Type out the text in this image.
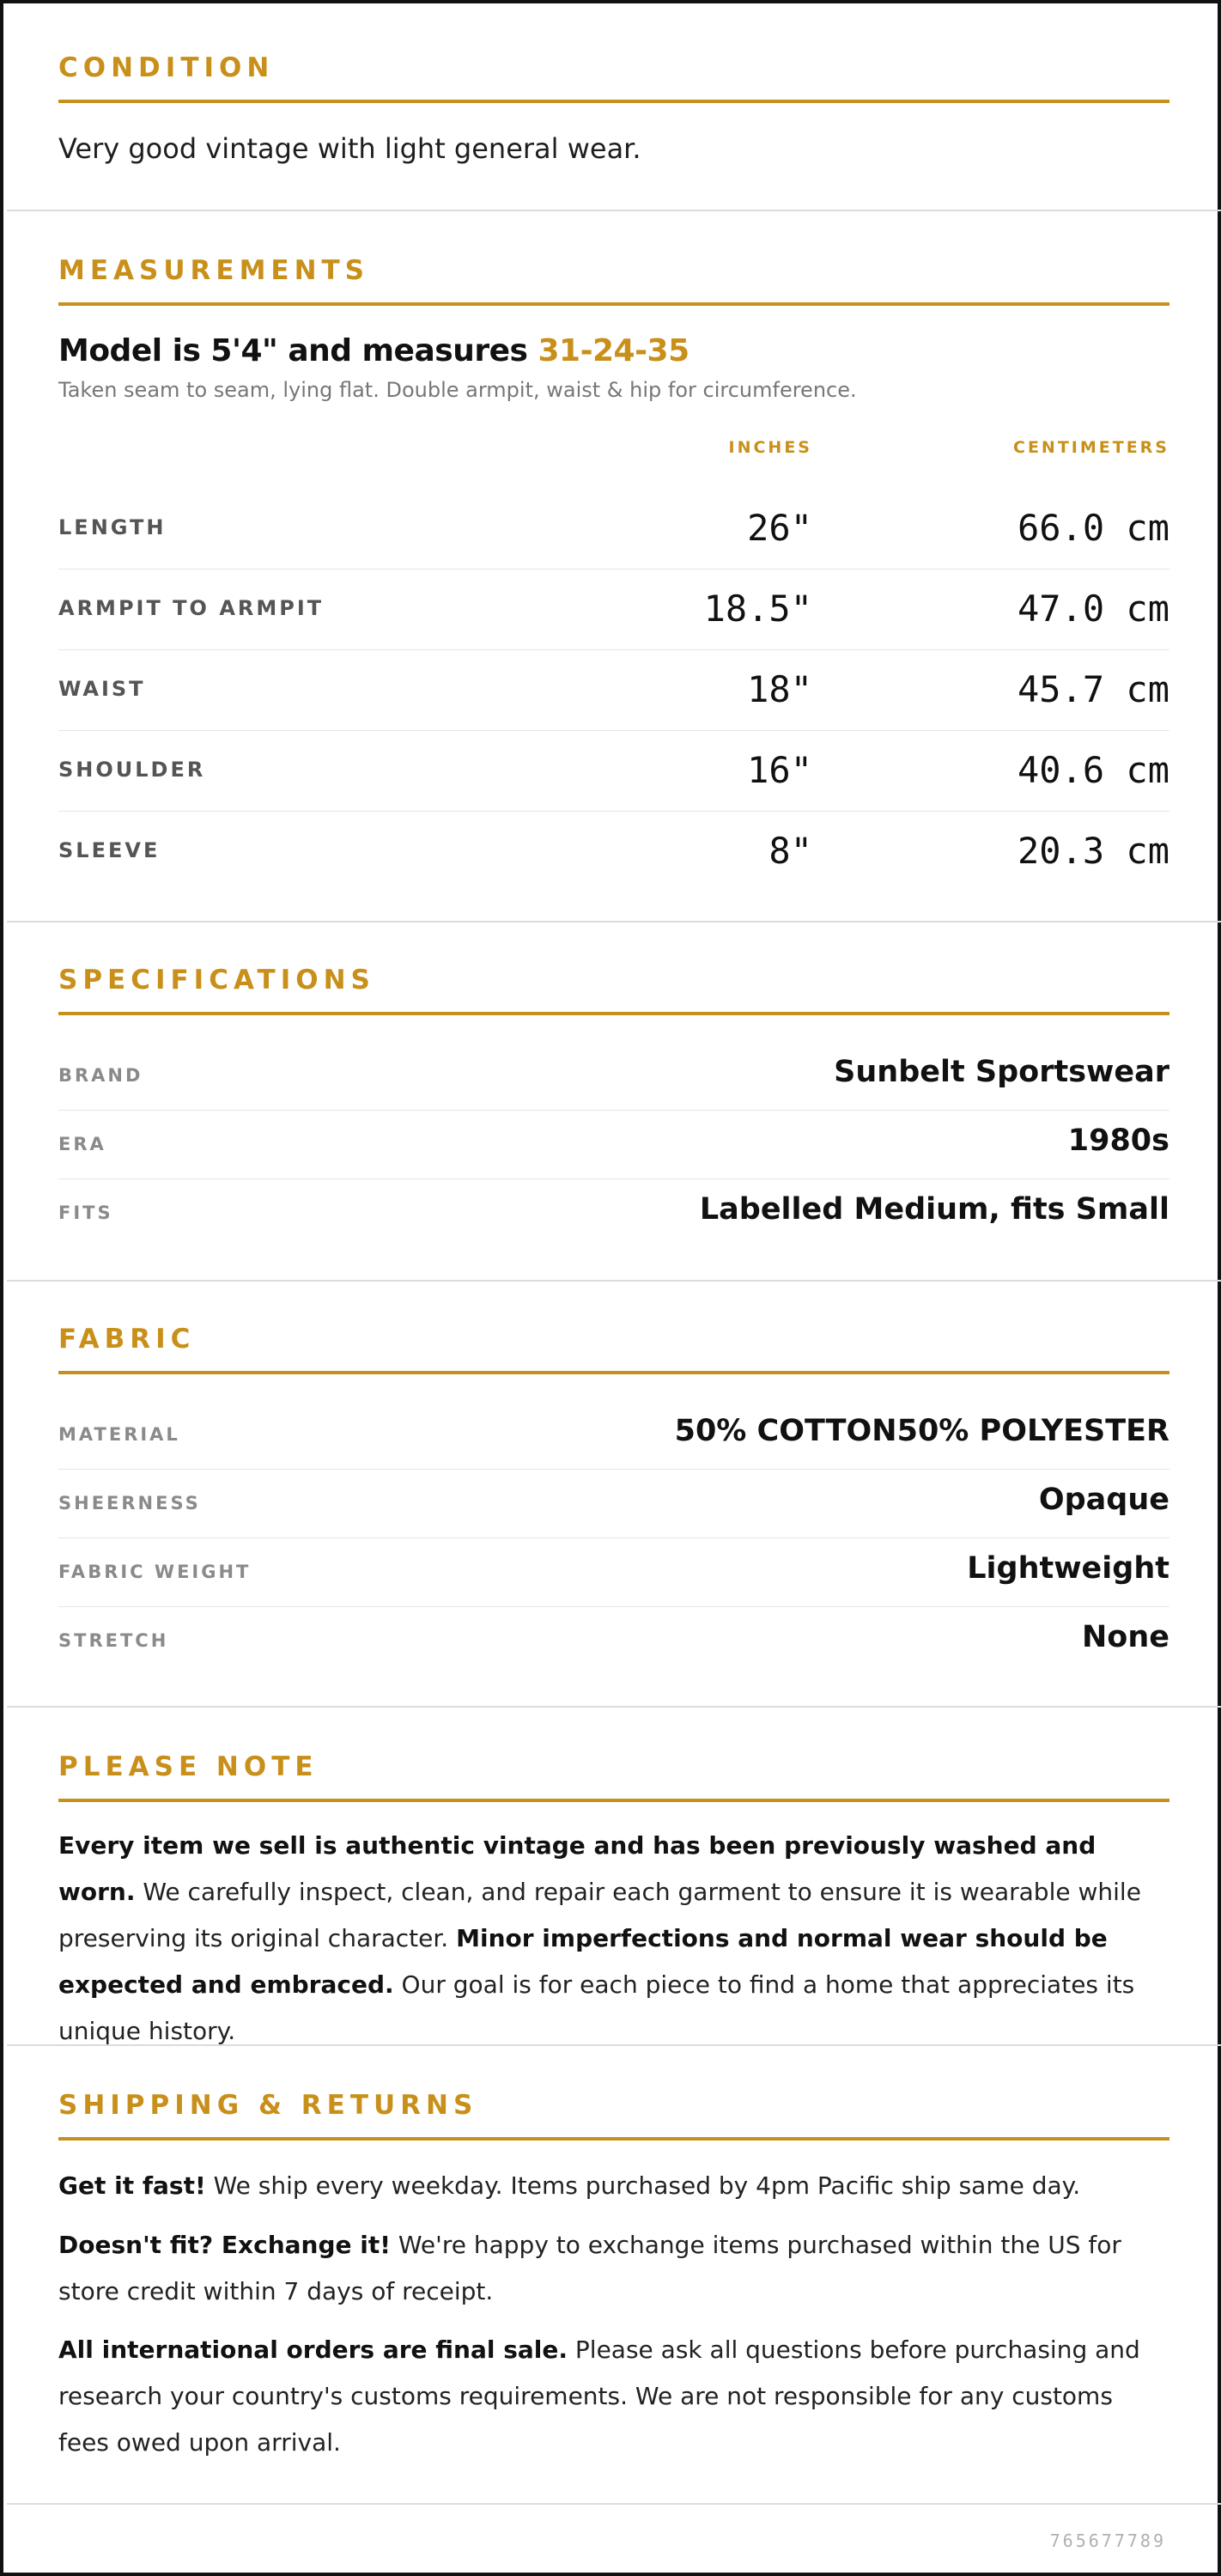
CONDITION
Very good vintage with light general wear.
MEASUREMENTS
Model is 5'4" and measures 31-24-35
Taken seam to seam, lying flat. Double armpit, waist & hip for circumference.
INCHES	CENTIMETERS
LENGTH	26"	66.0 cm
ARMPIT TO ARMPIT	18.5"	47.0 cm
WAIST	18"	45.7 cm
SHOULDER	16"	40.6 cm
SLEEVE	8"	20.3 cm
SPECIFICATIONS
BRAND	Sunbelt Sportswear
ERA	1980s
FITS	Labelled Medium, fits Small
FABRIC
MATERIAL	50% COTTON50% POLYESTER
SHEERNESS	Opaque
FABRIC WEIGHT	Lightweight
STRETCH	None
PLEASE NOTE
Every item we sell is authentic vintage and has been previously washed and worn. We carefully inspect, clean, and repair each garment to ensure it is wearable while preserving its original character. Minor imperfections and normal wear should be expected and embraced. Our goal is for each piece to find a home that appreciates its unique history.
SHIPPING & RETURNS
Get it fast! We ship every weekday. Items purchased by 4pm Pacific ship same day.
Doesn't fit? Exchange it! We're happy to exchange items purchased within the US for store credit within 7 days of receipt.
All international orders are final sale. Please ask all questions before purchasing and research your country's customs requirements. We are not responsible for any customs fees owed upon arrival.
765677789
